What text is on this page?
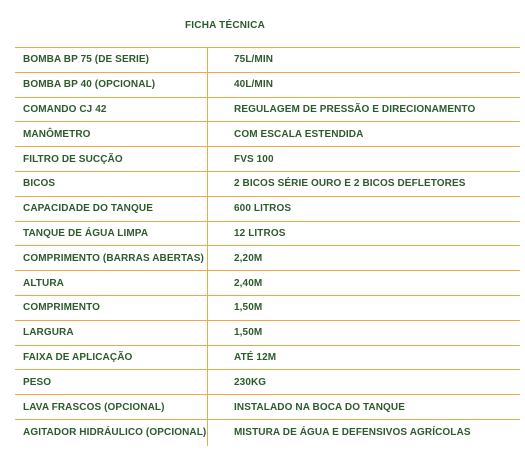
FICHA TÉCNICA
BOMBA BP 75 (DE SERIE)	75L/MIN
BOMBA BP 40 (OPCIONAL)	40L/MIN
COMANDO CJ 42	REGULAGEM DE PRESSÃO E DIRECIONAMENTO
MANÔMETRO	COM ESCALA ESTENDIDA
FILTRO DE SUCÇÃO	FVS 100
BICOS	2 BICOS SÉRIE OURO E 2 BICOS DEFLETORES
CAPACIDADE DO TANQUE	600 LITROS
TANQUE DE ÁGUA LIMPA	12 LITROS
COMPRIMENTO (BARRAS ABERTAS)	2,20M
ALTURA	2,40M
COMPRIMENTO	1,50M
LARGURA	1,50M
FAIXA DE APLICAÇÃO	ATÉ 12M
PESO	230KG
LAVA FRASCOS (OPCIONAL)	INSTALADO NA BOCA DO TANQUE
AGITADOR HIDRÁULICO (OPCIONAL)	MISTURA DE ÁGUA E DEFENSIVOS AGRÍCOLAS
